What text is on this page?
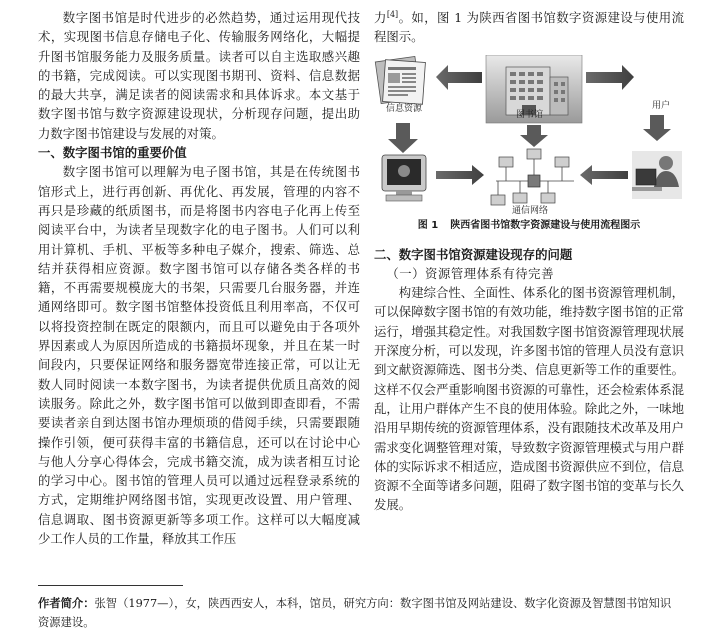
数字图书馆是时代进步的必然趋势，通过运用现代技术，实现图书信息存储电子化、传输服务网络化，大幅提升图书馆服务能力及服务质量。读者可以自主选取感兴趣的书籍，完成阅读。可以实现图书期刊、资料、信息数据的最大共享，满足读者的阅读需求和具体诉求。本文基于数字图书馆与数字资源建设现状，分析现存问题，提出助力数字图书馆建设与发展的对策。

一、数字图书馆的重要价值

数字图书馆可以理解为电子图书馆，其是在传统图书馆形式上，进行再创新、再优化、再发展，管理的内容不再只是珍藏的纸质图书，而是将图书内容电子化再上传至阅读平台中，为读者呈现数字化的电子图书。人们可以利用计算机、手机、平板等多种电子媒介，搜索、筛选、总结并获得相应资源。数字图书馆可以存储各类各样的书籍，不再需要规模庞大的书架，只需要几台服务器，并连通网络即可。数字图书馆整体投资低且利用率高，不仅可以将投资控制在既定的限额内，而且可以避免由于各项外界因素或人为原因所造成的书籍损坏现象，并且在某一时间段内，只要保证网络和服务器宽带连接正常，可以让无数人同时阅读一本数字图书，为读者提供优质且高效的阅读服务。除此之外，数字图书馆可以做到即查即看，不需要读者亲自到达图书馆办理烦琐的借阅手续，只需要跟随操作引领，便可获得丰富的书籍信息，还可以在讨论中心与他人分享心得体会，完成书籍交流，成为读者相互讨论的学习中心。图书馆的管理人员可以通过远程登录系统的方式，定期维护网络图书馆，实现更改设置、用户管理、信息调取、图书资源更新等多项工作。这样可以大幅度减少工作人员的工作量，释放其工作压

力[4]。如，图 1 为陕西省图书馆数字资源建设与使用流程图示。

信息资源
图书馆
用户
通信网络

图 1 陕西省图书馆数字资源建设与使用流程图示

二、数字图书馆资源建设现存的问题

（一）资源管理体系有待完善

构建综合性、全面性、体系化的图书资源管理机制，可以保障数字图书馆的有效功能，维持数字图书馆的正常运行，增强其稳定性。对我国数字图书馆资源管理现状展开深度分析，可以发现，许多图书馆的管理人员没有意识到文献资源筛选、图书分类、信息更新等工作的重要性。这样不仅会严重影响图书资源的可靠性，还会检索体系混乱，让用户群体产生不良的使用体验。除此之外，一味地沿用早期传统的资源管理体系，没有跟随技术改革及用户需求变化调整管理对策，导致数字资源管理模式与用户群体的实际诉求不相适应，造成图书资源供应不到位，信息资源不全面等诸多问题，阻碍了数字图书馆的变革与长久发展。

作者简介：张智（1977—），女，陕西西安人，本科，馆员，研究方向：数字图书馆及网站建设、数字化资源及智慧图书馆知识资源建设。
